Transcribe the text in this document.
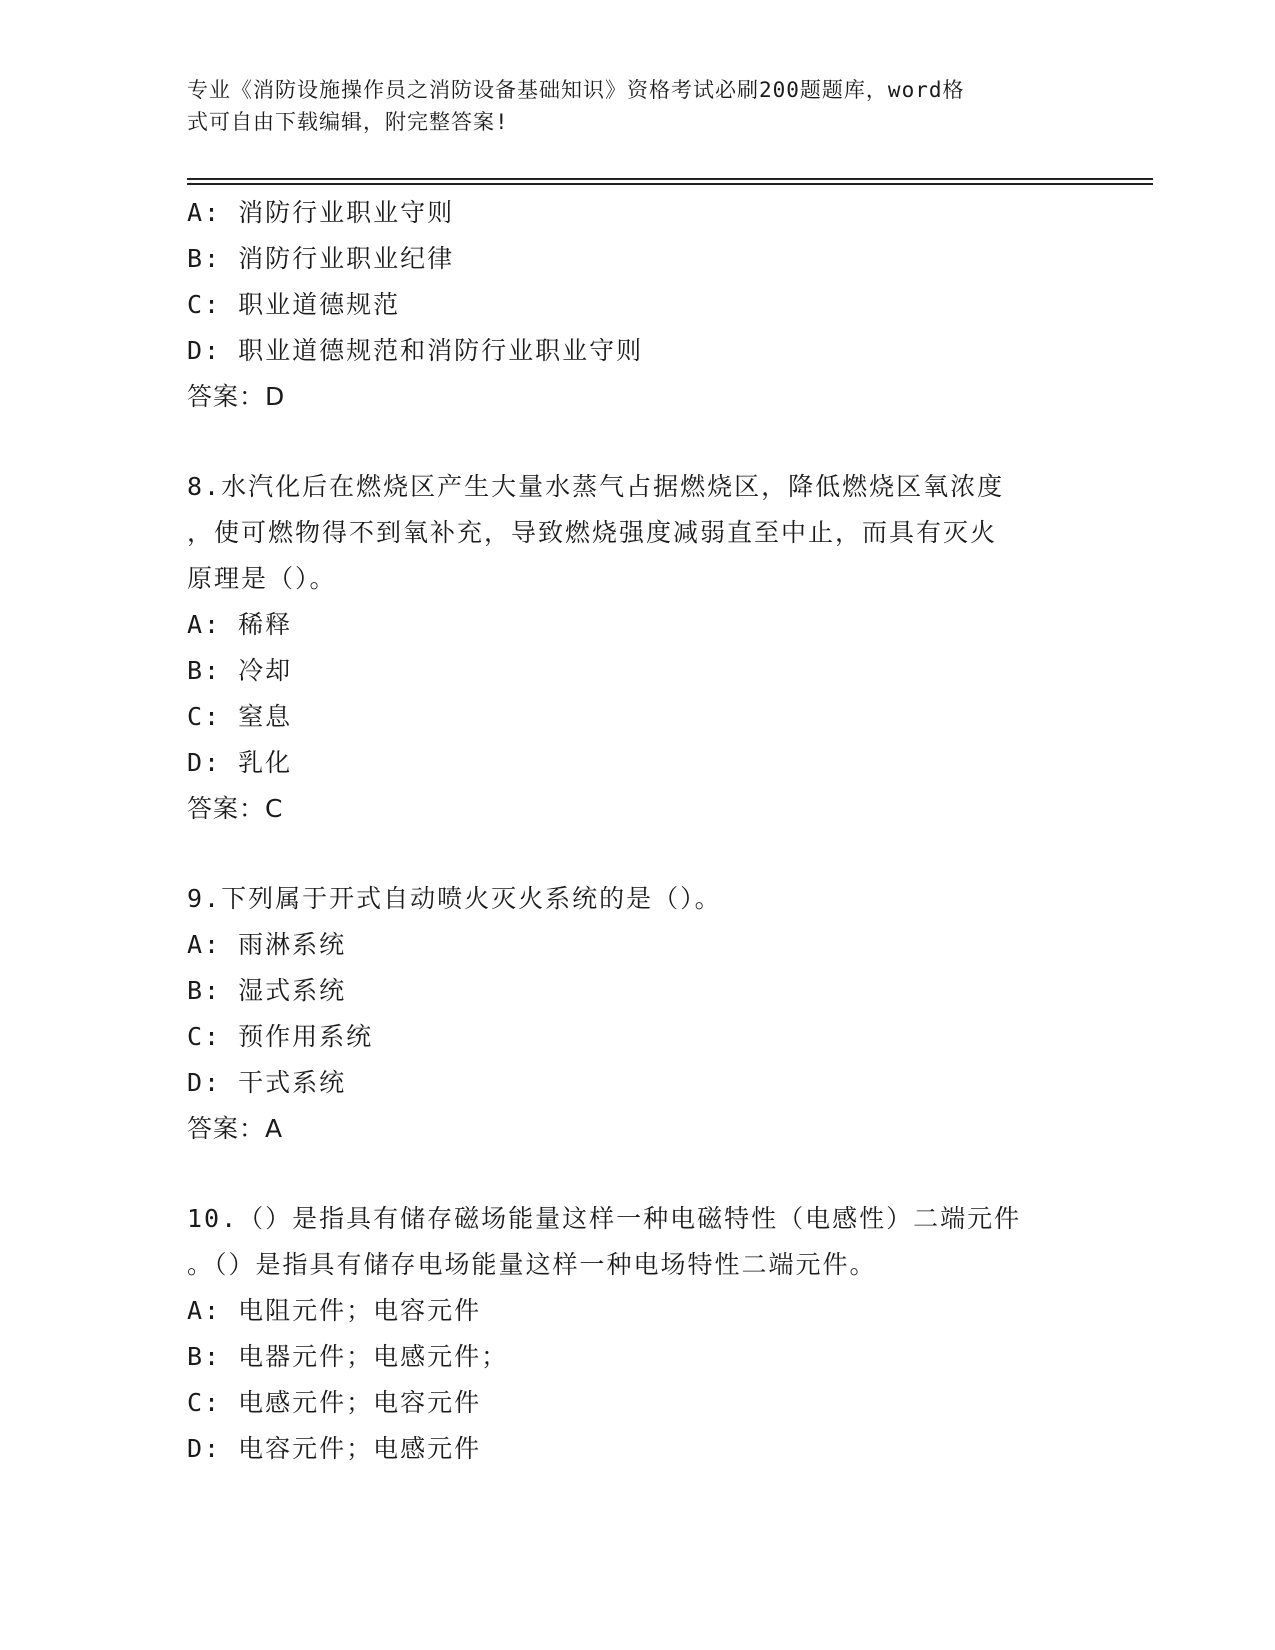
专业《消防设施操作员之消防设备基础知识》资格考试必刷200题题库，word格
式可自由下载编辑，附完整答案!
A: 消防行业职业守则
B: 消防行业职业纪律
C: 职业道德规范
D: 职业道德规范和消防行业职业守则
答案：D
8.水汽化后在燃烧区产生大量水蒸气占据燃烧区，降低燃烧区氧浓度
，使可燃物得不到氧补充，导致燃烧强度减弱直至中止，而具有灭火
原理是（）。
A: 稀释
B: 冷却
C: 窒息
D: 乳化
答案：C
9.下列属于开式自动喷火灭火系统的是（）。
A: 雨淋系统
B: 湿式系统
C: 预作用系统
D: 干式系统
答案：A
10.（）是指具有储存磁场能量这样一种电磁特性（电感性）二端元件
。（）是指具有储存电场能量这样一种电场特性二端元件。
A: 电阻元件；电容元件
B: 电器元件；电感元件；
C: 电感元件；电容元件
D: 电容元件；电感元件
